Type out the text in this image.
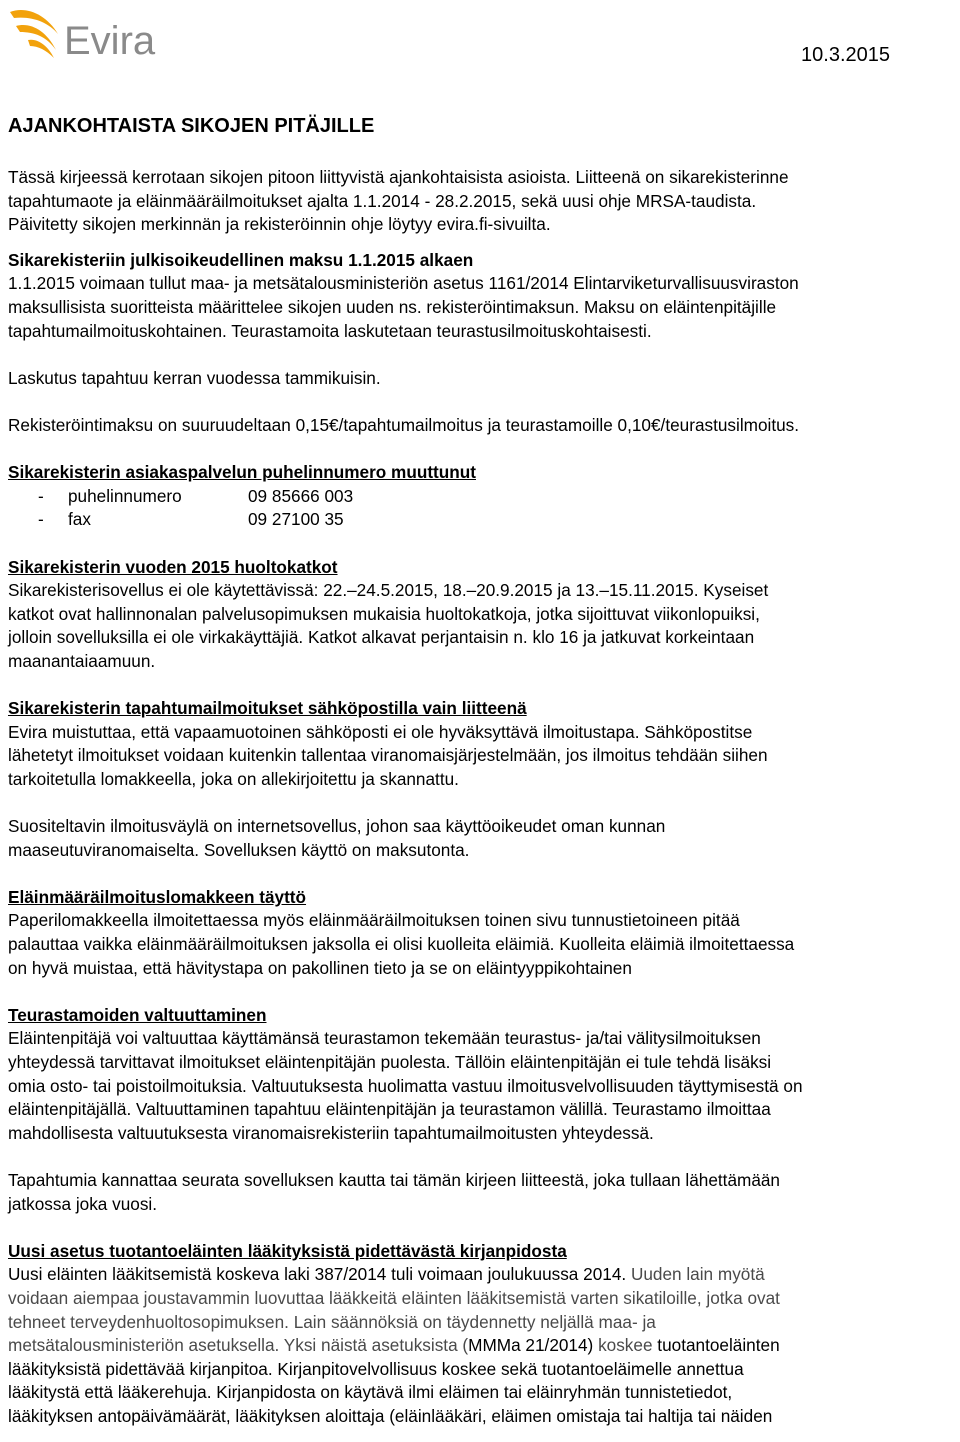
Evira	10.3.2015
AJANKOHTAISTA SIKOJEN PITÄJILLE

Tässä kirjeessä kerrotaan sikojen pitoon liittyvistä ajankohtaisista asioista. Liitteenä on sikarekisterinne

tapahtumaote ja eläinmääräilmoitukset ajalta 1.1.2014 - 28.2.2015, sekä uusi ohje MRSA-taudista.

Päivitetty sikojen merkinnän ja rekisteröinnin ohje löytyy evira.fi-sivuilta.

Sikarekisteriin julkisoikeudellinen maksu 1.1.2015 alkaen

1.1.2015 voimaan tullut maa- ja metsätalousministeriön asetus 1161/2014 Elintarviketurvallisuusviraston

maksullisista suoritteista määrittelee sikojen uuden ns. rekisteröintimaksun. Maksu on eläintenpitäjille

tapahtumailmoituskohtainen. Teurastamoita laskutetaan teurastusilmoituskohtaisesti.

Laskutus tapahtuu kerran vuodessa tammikuisin.

Rekisteröintimaksu on suuruudeltaan 0,15€/tapahtumailmoitus ja teurastamoille 0,10€/teurastusilmoitus.

Sikarekisterin asiakaspalvelun puhelinnumero muuttunut

-	puhelinnumero	09 85666 003
-	fax	09 27100 35

Sikarekisterin vuoden 2015 huoltokatkot

Sikarekisterisovellus ei ole käytettävissä: 22.–24.5.2015, 18.–20.9.2015 ja 13.–15.11.2015. Kyseiset

katkot ovat hallinnonalan palvelusopimuksen mukaisia huoltokatkoja, jotka sijoittuvat viikonlopuiksi,

jolloin sovelluksilla ei ole virkakäyttäjiä. Katkot alkavat perjantaisin n. klo 16 ja jatkuvat korkeintaan

maanantaiaamuun.

Sikarekisterin tapahtumailmoitukset sähköpostilla vain liitteenä

Evira muistuttaa, että vapaamuotoinen sähköposti ei ole hyväksyttävä ilmoitustapa. Sähköpostitse

lähetetyt ilmoitukset voidaan kuitenkin tallentaa viranomaisjärjestelmään, jos ilmoitus tehdään siihen

tarkoitetulla lomakkeella, joka on allekirjoitettu ja skannattu.

Suositeltavin ilmoitusväylä on internetsovellus, johon saa käyttöoikeudet oman kunnan

maaseutuviranomaiselta. Sovelluksen käyttö on maksutonta.

Eläinmääräilmoituslomakkeen täyttö

Paperilomakkeella ilmoitettaessa myös eläinmääräilmoituksen toinen sivu tunnustietoineen pitää

palauttaa vaikka eläinmääräilmoituksen jaksolla ei olisi kuolleita eläimiä. Kuolleita eläimiä ilmoitettaessa

on hyvä muistaa, että hävitystapa on pakollinen tieto ja se on eläintyyppikohtainen

Teurastamoiden valtuuttaminen

Eläintenpitäjä voi valtuuttaa käyttämänsä teurastamon tekemään teurastus- ja/tai välitysilmoituksen

yhteydessä tarvittavat ilmoitukset eläintenpitäjän puolesta. Tällöin eläintenpitäjän ei tule tehdä lisäksi

omia osto- tai poistoilmoituksia. Valtuutuksesta huolimatta vastuu ilmoitusvelvollisuuden täyttymisestä on

eläintenpitäjällä. Valtuuttaminen tapahtuu eläintenpitäjän ja teurastamon välillä. Teurastamo ilmoittaa

mahdollisesta valtuutuksesta viranomaisrekisteriin tapahtumailmoitusten yhteydessä.

Tapahtumia kannattaa seurata sovelluksen kautta tai tämän kirjeen liitteestä, joka tullaan lähettämään

jatkossa joka vuosi.

Uusi asetus tuotantoeläinten lääkityksistä pidettävästä kirjanpidosta

Uusi eläinten lääkitsemistä koskeva laki 387/2014 tuli voimaan joulukuussa 2014. Uuden lain myötä

voidaan aiempaa joustavammin luovuttaa lääkkeitä eläinten lääkitsemistä varten sikatiloille, jotka ovat

tehneet terveydenhuoltosopimuksen. Lain säännöksiä on täydennetty neljällä maa- ja

metsätalousministeriön asetuksella. Yksi näistä asetuksista (MMMa 21/2014) koskee tuotantoeläinten

lääkityksistä pidettävää kirjanpitoa. Kirjanpitovelvollisuus koskee sekä tuotantoeläimelle annettua

lääkitystä että lääkerehuja. Kirjanpidosta on käytävä ilmi eläimen tai eläinryhmän tunnistetiedot,

lääkityksen antopäivämäärät, lääkityksen aloittaja (eläinlääkäri, eläimen omistaja tai haltija tai näiden
